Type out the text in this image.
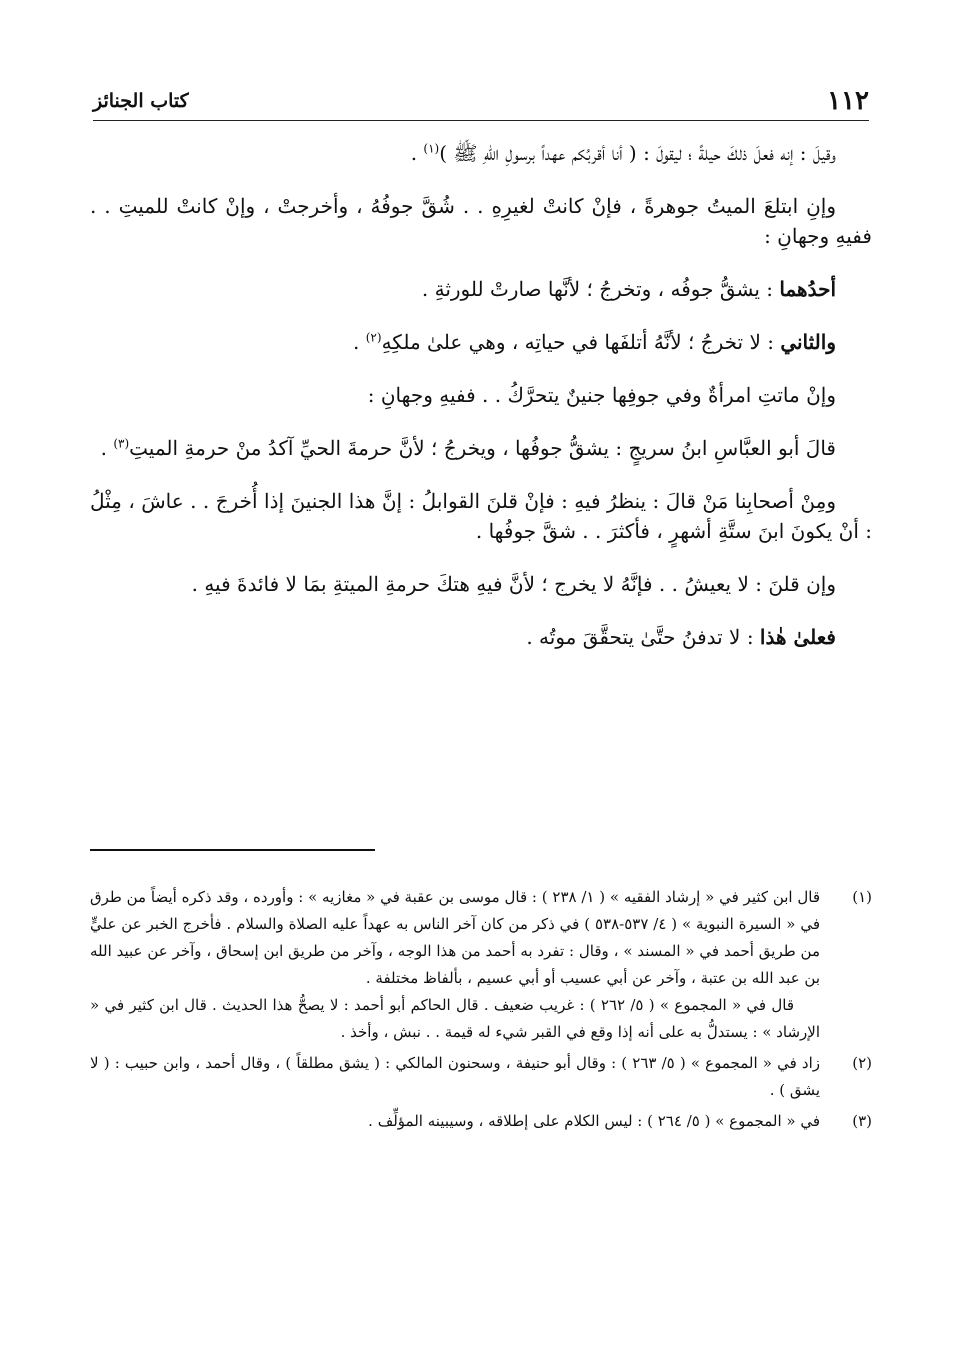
١١٢
كتاب الجنائز

وقيلَ : إنه فعلَ ذلكَ حيلةً ؛ ليقولَ : ( أنا أقربُكم عهداً برسولِ اللهِ ﷺ )$^{(١)}$ .

وإنِ ابتلعَ الميتُ جوهرةً ، فإنْ كانتْ لغيرِهِ . . شُقَّ جوفُهُ ، وأخرجتْ ، وإنْ كانتْ للميتِ . . ففيهِ وجهانِ :

أحدُهما : يشقُّ جوفُه ، وتخرجُ ؛ لأنَّها صارتْ للورثةِ .

والثاني : لا تخرجُ ؛ لأنَّهُ أتلفَها في حياتِه ، وهي علىٰ ملكِهِ$^{(٢)}$ .

وإنْ ماتتِ امرأةٌ وفي جوفِها جنينٌ يتحرَّكُ . . ففيهِ وجهانِ :

قالَ أبو العبَّاسِ ابنُ سريجٍ : يشقُّ جوفُها ، ويخرجُ ؛ لأنَّ حرمةَ الحيِّ آكدُ منْ حرمةِ الميتِ$^{(٣)}$ .

ومِنْ أصحابِنا مَنْ قالَ : ينظرُ فيهِ : فإنْ قلنَ القوابلُ : إنَّ هذا الجنينَ إذا أُخرجَ . . عاشَ ، مِثْلُ : أنْ يكونَ ابنَ ستَّةِ أشهرٍ ، فأكثرَ . . شقَّ جوفُها .

وإن قلنَ : لا يعيشُ . . فإنَّهُ لا يخرج ؛ لأنَّ فيهِ هتكَ حرمةِ الميتةِ بمَا لا فائدةَ فيهِ .

فعلىٰ هٰذا : لا تدفنُ حتَّىٰ يتحقَّقَ موتُه .

(١)

قال ابن كثير في « إرشاد الفقيه » ( ١/ ٢٣٨ ) : قال موسى بن عقبة في « مغازيه » : وأورده ، وقد ذكره أيضاً من طرق في « السيرة النبوية » ( ٤/ ٥٣٧-٥٣٨ ) في ذكر من كان آخر الناس به عهداً عليه الصلاة والسلام . فأخرج الخبر عن عليٍّ من طريق أحمد في « المسند » ، وقال : تفرد به أحمد من هذا الوجه ، وآخر من طريق ابن إسحاق ، وآخر عن عبيد الله بن عبد الله بن عتبة ، وآخر عن أبي عسيب أو أبي عسيم ، بألفاظ مختلفة .

قال في « المجموع » ( ٥/ ٢٦٢ ) : غريب ضعيف . قال الحاكم أبو أحمد : لا يصحُّ هذا الحديث . قال ابن كثير في « الإرشاد » : يستدلُّ به على أنه إذا وقع في القبر شيء له قيمة . . نبش ، وأخذ .

(٢)

زاد في « المجموع » ( ٥/ ٢٦٣ ) : وقال أبو حنيفة ، وسحنون المالكي : ( يشق مطلقاً ) ، وقال أحمد ، وابن حبيب : ( لا يشق ) .

(٣)

في « المجموع » ( ٥/ ٢٦٤ ) : ليس الكلام على إطلاقه ، وسيبينه المؤلِّف .
